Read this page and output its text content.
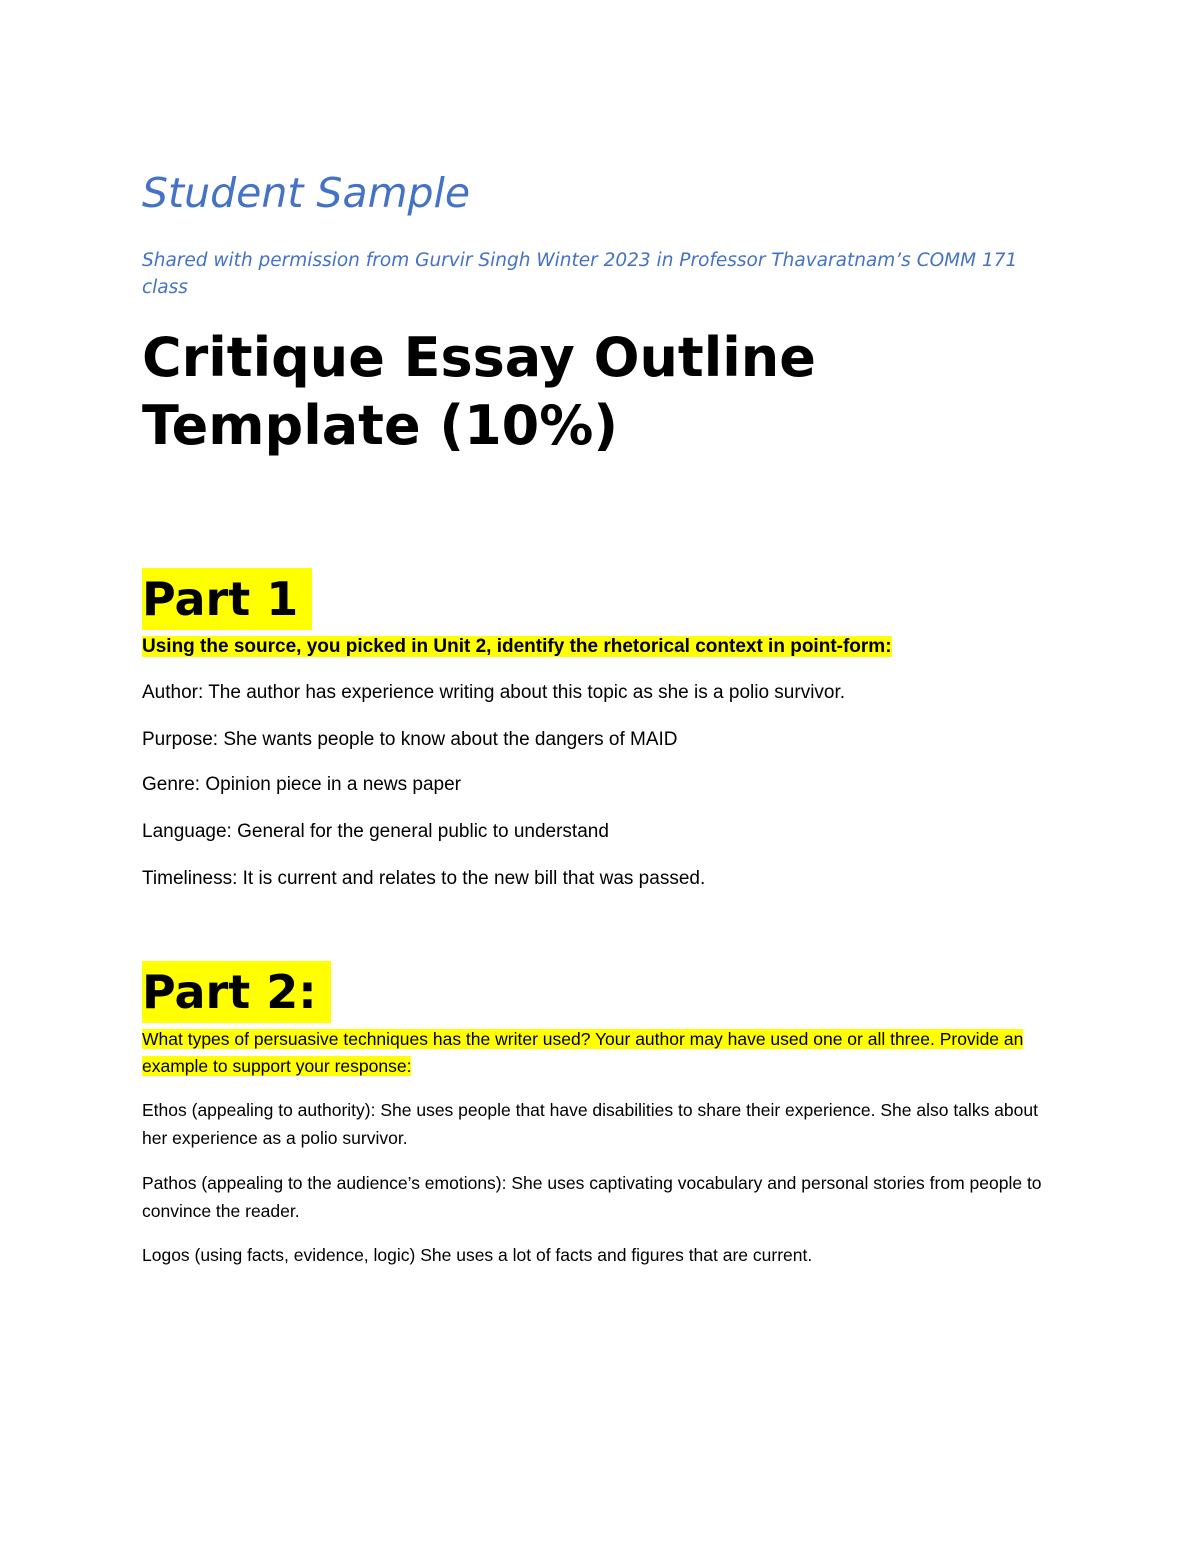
Student Sample

Shared with permission from Gurvir Singh Winter 2023 in Professor Thavaratnam’s COMM 171 class

Critique Essay Outline Template (10%)
Part 1

Using the source, you picked in Unit 2, identify the rhetorical context in point-form:

Author: The author has experience writing about this topic as she is a polio survivor.

Purpose: She wants people to know about the dangers of MAID

Genre: Opinion piece in a news paper

Language: General for the general public to understand

Timeliness: It is current and relates to the new bill that was passed.

Part 2:

What types of persuasive techniques has the writer used? Your author may have used one or all three. Provide an example to support your response:

Ethos (appealing to authority): She uses people that have disabilities to share their experience. She also talks about her experience as a polio survivor.

Pathos (appealing to the audience’s emotions): She uses captivating vocabulary and personal stories from people to convince the reader.

Logos (using facts, evidence, logic) She uses a lot of facts and figures that are current.
